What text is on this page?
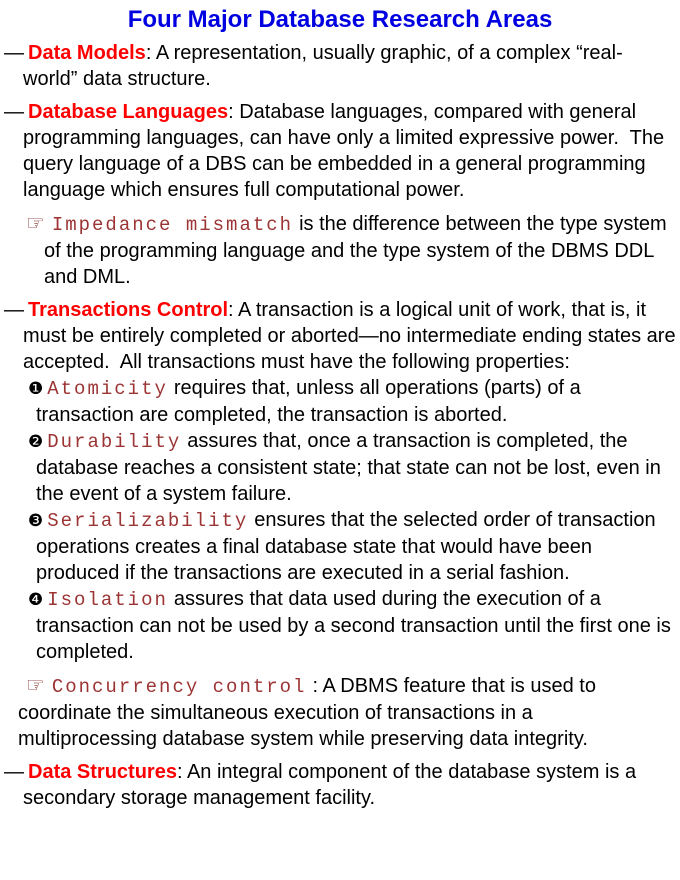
Four Major Database Research Areas
— Data Models: A representation, usually graphic, of a complex “real-world” data structure.
— Database Languages: Database languages, compared with general programming languages, can have only a limited expressive power.  The query language of a DBS can be embedded in a general programming language which ensures full computational power.
☞ Impedance mismatch is the difference between the type system of the programming language and the type system of the DBMS DDL and DML.
— Transactions Control: A transaction is a logical unit of work, that is, it must be entirely completed or aborted—no intermediate ending states are accepted.  All transactions must have the following properties:
❶ Atomicity requires that, unless all operations (parts) of a transaction are completed, the transaction is aborted.
❷ Durability assures that, once a transaction is completed, the database reaches a consistent state; that state can not be lost, even in the event of a system failure.
❸ Serializability ensures that the selected order of transaction operations creates a final database state that would have been produced if the transactions are executed in a serial fashion.
❹ Isolation assures that data used during the execution of a transaction can not be used by a second transaction until the first one is completed.
☞ Concurrency control : A DBMS feature that is used to coordinate the simultaneous execution of transactions in a multiprocessing database system while preserving data integrity.
— Data Structures: An integral component of the database system is a secondary storage management facility.
